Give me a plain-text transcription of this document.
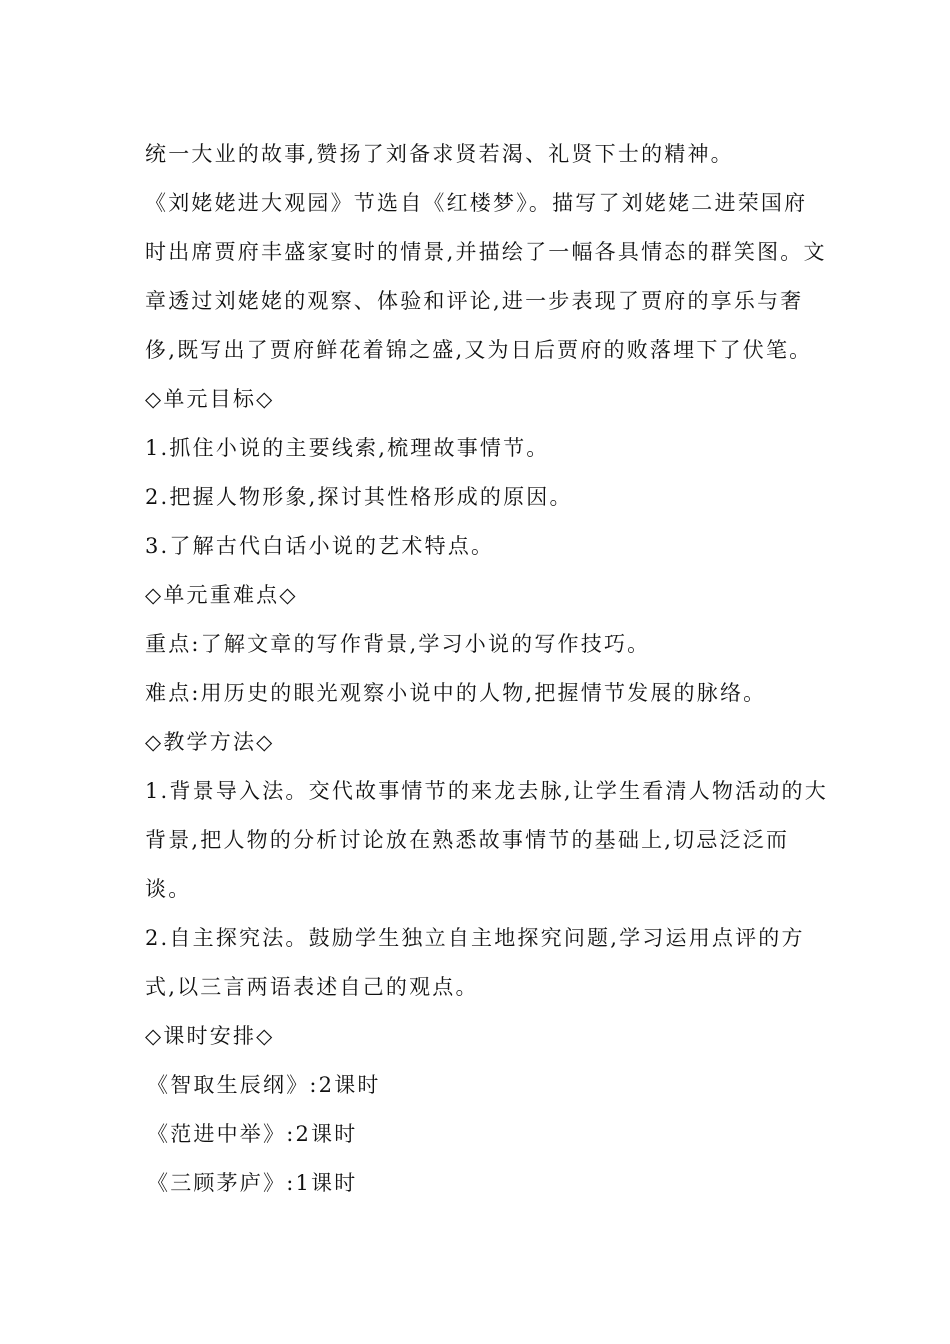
统一大业的故事,赞扬了刘备求贤若渴、礼贤下士的精神。
《刘姥姥进大观园》节选自《红楼梦》。描写了刘姥姥二进荣国府
时出席贾府丰盛家宴时的情景,并描绘了一幅各具情态的群笑图。文
章透过刘姥姥的观察、体验和评论,进一步表现了贾府的享乐与奢
侈,既写出了贾府鲜花着锦之盛,又为日后贾府的败落埋下了伏笔。
◇单元目标◇
1.抓住小说的主要线索,梳理故事情节。
2.把握人物形象,探讨其性格形成的原因。
3.了解古代白话小说的艺术特点。
◇单元重难点◇
重点:了解文章的写作背景,学习小说的写作技巧。
难点:用历史的眼光观察小说中的人物,把握情节发展的脉络。
◇教学方法◇
1.背景导入法。交代故事情节的来龙去脉,让学生看清人物活动的大
背景,把人物的分析讨论放在熟悉故事情节的基础上,切忌泛泛而
谈。
2.自主探究法。鼓励学生独立自主地探究问题,学习运用点评的方
式,以三言两语表述自己的观点。
◇课时安排◇
《智取生辰纲》:2课时
《范进中举》:2课时
《三顾茅庐》:1课时
